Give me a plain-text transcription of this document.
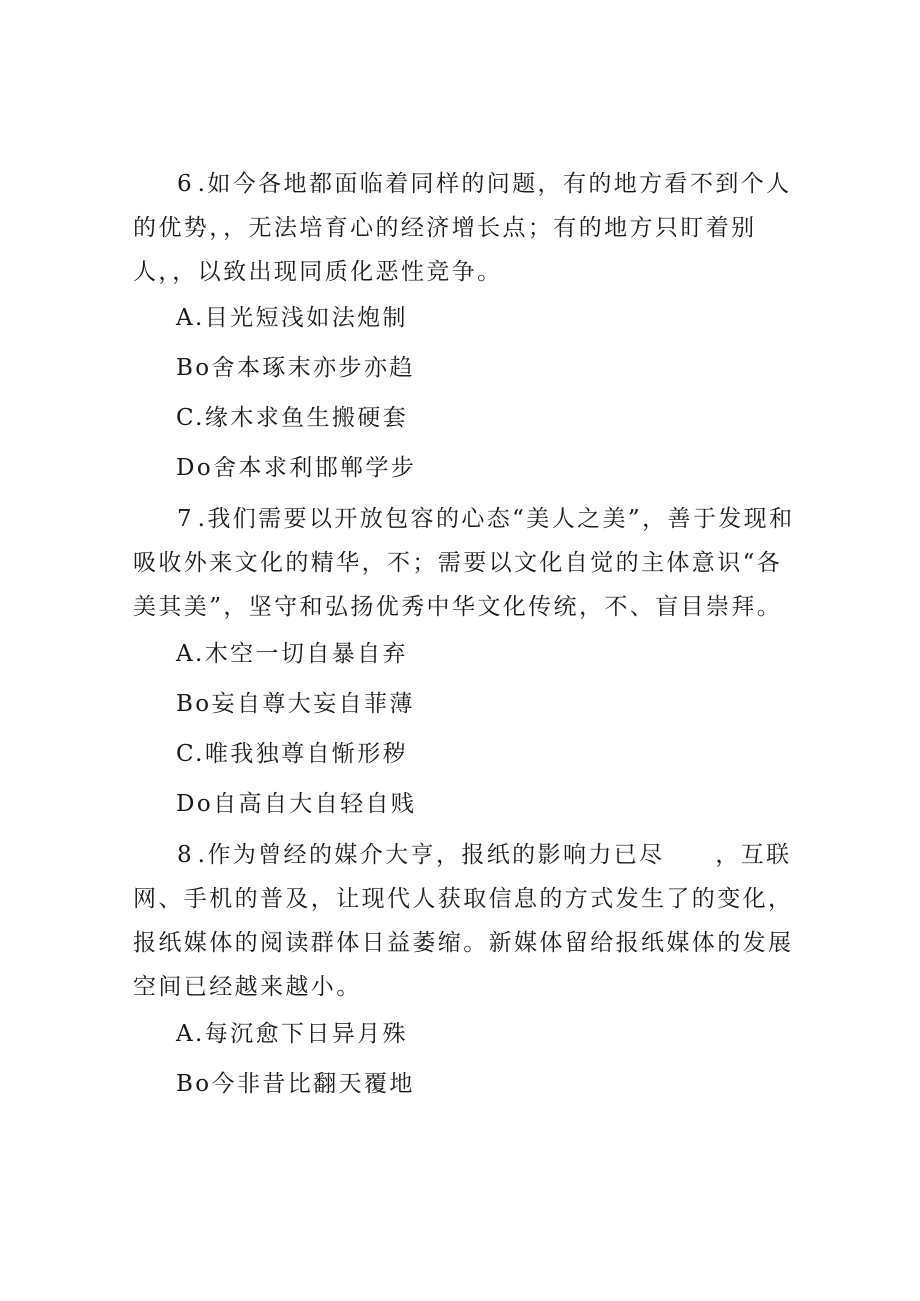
6.如今各地都面临着同样的问题，有的地方看不到个人的优势，，无法培育心的经济增长点；有的地方只盯着别人，，以致出现同质化恶性竞争。

A.目光短浅如法炮制

Bo舍本琢末亦步亦趋

C.缘木求鱼生搬硬套

Do舍本求利邯郸学步

7.我们需要以开放包容的心态“美人之美”，善于发现和吸收外来文化的精华，不；需要以文化自觉的主体意识“各美其美”，坚守和弘扬优秀中华文化传统，不、盲目崇拜。

A.木空一切自暴自弃

Bo妄自尊大妄自菲薄

C.唯我独尊自惭形秽

Do自高自大自轻自贱

8.作为曾经的媒介大亨，报纸的影响力已尽　　，互联网、手机的普及，让现代人获取信息的方式发生了的变化，报纸媒体的阅读群体日益萎缩。新媒体留给报纸媒体的发展空间已经越来越小。

A.每沉愈下日异月殊

Bo今非昔比翻天覆地
